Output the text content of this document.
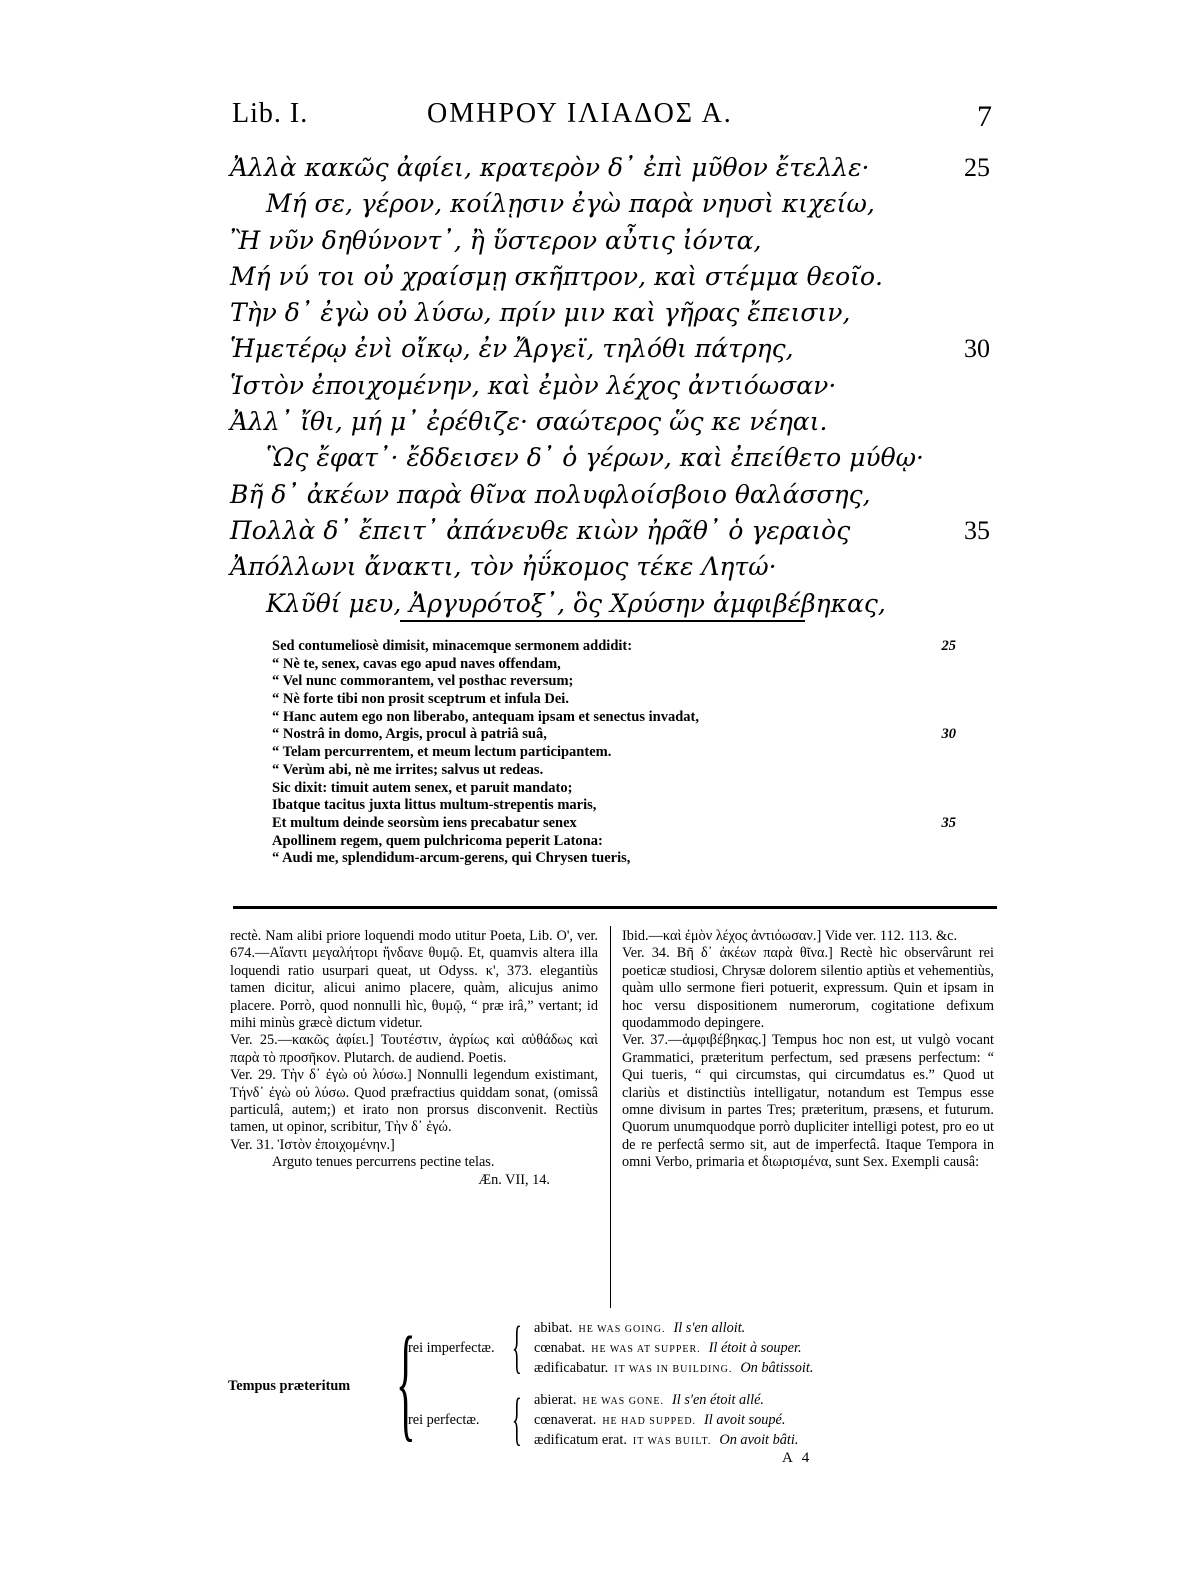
Lib. I.	ΟΜΗΡΟΥ ΙΛΙΑΔΟΣ Α.	7
Ἀλλὰ κακῶς ἀφίει, κρατερὸν δ᾽ ἐπὶ μῦθον ἔτελλε·	25
Μή σε, γέρον, κοίλῃσιν ἐγὼ παρὰ νηυσὶ κιχείω,
Ἢ νῦν δηθύνοντ᾽, ἢ ὕστερον αὖτις ἰόντα,
Μή νύ τοι οὐ χραίσμῃ σκῆπτρον, καὶ στέμμα θεοῖο.
Τὴν δ᾽ ἐγὼ οὐ λύσω, πρίν μιν καὶ γῆρας ἔπεισιν,
Ἡμετέρῳ ἐνὶ οἴκῳ, ἐν Ἄργεϊ, τηλόθι πάτρης,	30
Ἱστὸν ἐποιχομένην, καὶ ἐμὸν λέχος ἀντιόωσαν·
Ἀλλ᾽ ἴθι, μή μ᾽ ἐρέθιζε· σαώτερος ὥς κε νέηαι.
Ὣς ἔφατ᾽· ἔδδεισεν δ᾽ ὁ γέρων, καὶ ἐπείθετο μύθῳ·
Βῆ δ᾽ ἀκέων παρὰ θῖνα πολυφλοίσβοιο θαλάσσης,
Πολλὰ δ᾽ ἔπειτ᾽ ἀπάνευθε κιὼν ἠρᾶθ᾽ ὁ γεραιὸς	35
Ἀπόλλωνι ἄνακτι, τὸν ἠΰκομος τέκε Λητώ·
Κλῦθί μευ, Ἀργυρότοξ᾽, ὃς Χρύσην ἀμφιβέβηκας,
Sed contumeliosè dimisit, minacemque sermonem addidit:	25
“ Nè te, senex, cavas ego apud naves offendam,
“ Vel nunc commorantem, vel posthac reversum;
“ Nè forte tibi non prosit sceptrum et infula Dei.
“ Hanc autem ego non liberabo, antequam ipsam et senectus invadat,
“ Nostrâ in domo, Argis, procul à patriâ suâ,	30
“ Telam percurrentem, et meum lectum participantem.
“ Verùm abi, nè me irrites; salvus ut redeas.
Sic dixit: timuit autem senex, et paruit mandato;
Ibatque tacitus juxta littus multum-strepentis maris,
Et multum deinde seorsùm iens precabatur senex	35
Apollinem regem, quem pulchricoma peperit Latona:
“ Audi me, splendidum-arcum-gerens, qui Chrysen tueris,

rectè. Nam alibi priore loquendi modo utitur Poeta, Lib. O', ver. 674.—Αἴαντι μεγαλήτορι ἥνδανε θυμῷ. Et, quamvis altera illa loquendi ratio usurpari queat, ut Odyss. κ', 373. elegantiùs tamen dicitur, alicui animo placere, quàm, alicujus animo placere. Porrò, quod nonnulli hìc, θυμῷ, “ præ irâ,” vertant; id mihi minùs græcè dictum videtur.

Ver. 25.—κακῶς ἀφίει.] Τουτέστιν, ἀγρίως καὶ αὐθάδως καὶ παρὰ τὸ προσῆκον. Plutarch. de audiend. Poetis.

Ver. 29. Τὴν δ᾽ ἐγὼ οὐ λύσω.] Nonnulli legendum existimant, Τήνδ᾽ ἐγὼ οὐ λύσω. Quod præfractius quiddam sonat, (omissâ particulâ, autem;) et irato non prorsus disconvenit. Rectiùs tamen, ut opinor, scribitur, Τὴν δ᾽ ἐγώ.

Ver. 31. Ἱστὸν ἐποιχομένην.]

Arguto tenues percurrens pectine telas.

Æn. VII, 14.

Ibid.—καὶ ἐμὸν λέχος ἀντιόωσαν.] Vide ver. 112. 113. &c.

Ver. 34. Βῆ δ᾽ ἀκέων παρὰ θῖνα.] Rectè hìc observârunt rei poeticæ studiosi, Chrysæ dolorem silentio aptiùs et vehementiùs, quàm ullo sermone fieri potuerit, expressum. Quin et ipsam in hoc versu dispositionem numerorum, cogitatione defixum quodammodo depingere.

Ver. 37.—ἀμφιβέβηκας.] Tempus hoc non est, ut vulgò vocant Grammatici, præteritum perfectum, sed præsens perfectum: “ Qui tueris, “ qui circumstas, qui circumdatus es.” Quod ut clariùs et distinctiùs intelligatur, notandum est Tempus esse omne divisum in partes Tres; præteritum, præsens, et futurum. Quorum unumquodque porrò dupliciter intelligi potest, pro eo ut de re perfectâ sermo sit, aut de imperfectâ. Itaque Tempora in omni Verbo, primaria et διωρισμένα, sunt Sex. Exempli causâ:

Tempus præteritum {
rei imperfectæ. { abibat. HE WAS GOING. Il s'en alloit.
cœnabat. HE WAS AT SUPPER. Il étoit à souper.
ædificabatur. IT WAS IN BUILDING. On bâtissoit.
rei perfectæ. { abierat. HE WAS GONE. Il s'en étoit allé.
cœnaverat. HE HAD SUPPED. Il avoit soupé.
ædificatum erat. IT WAS BUILT. On avoit bâti.
A 4
